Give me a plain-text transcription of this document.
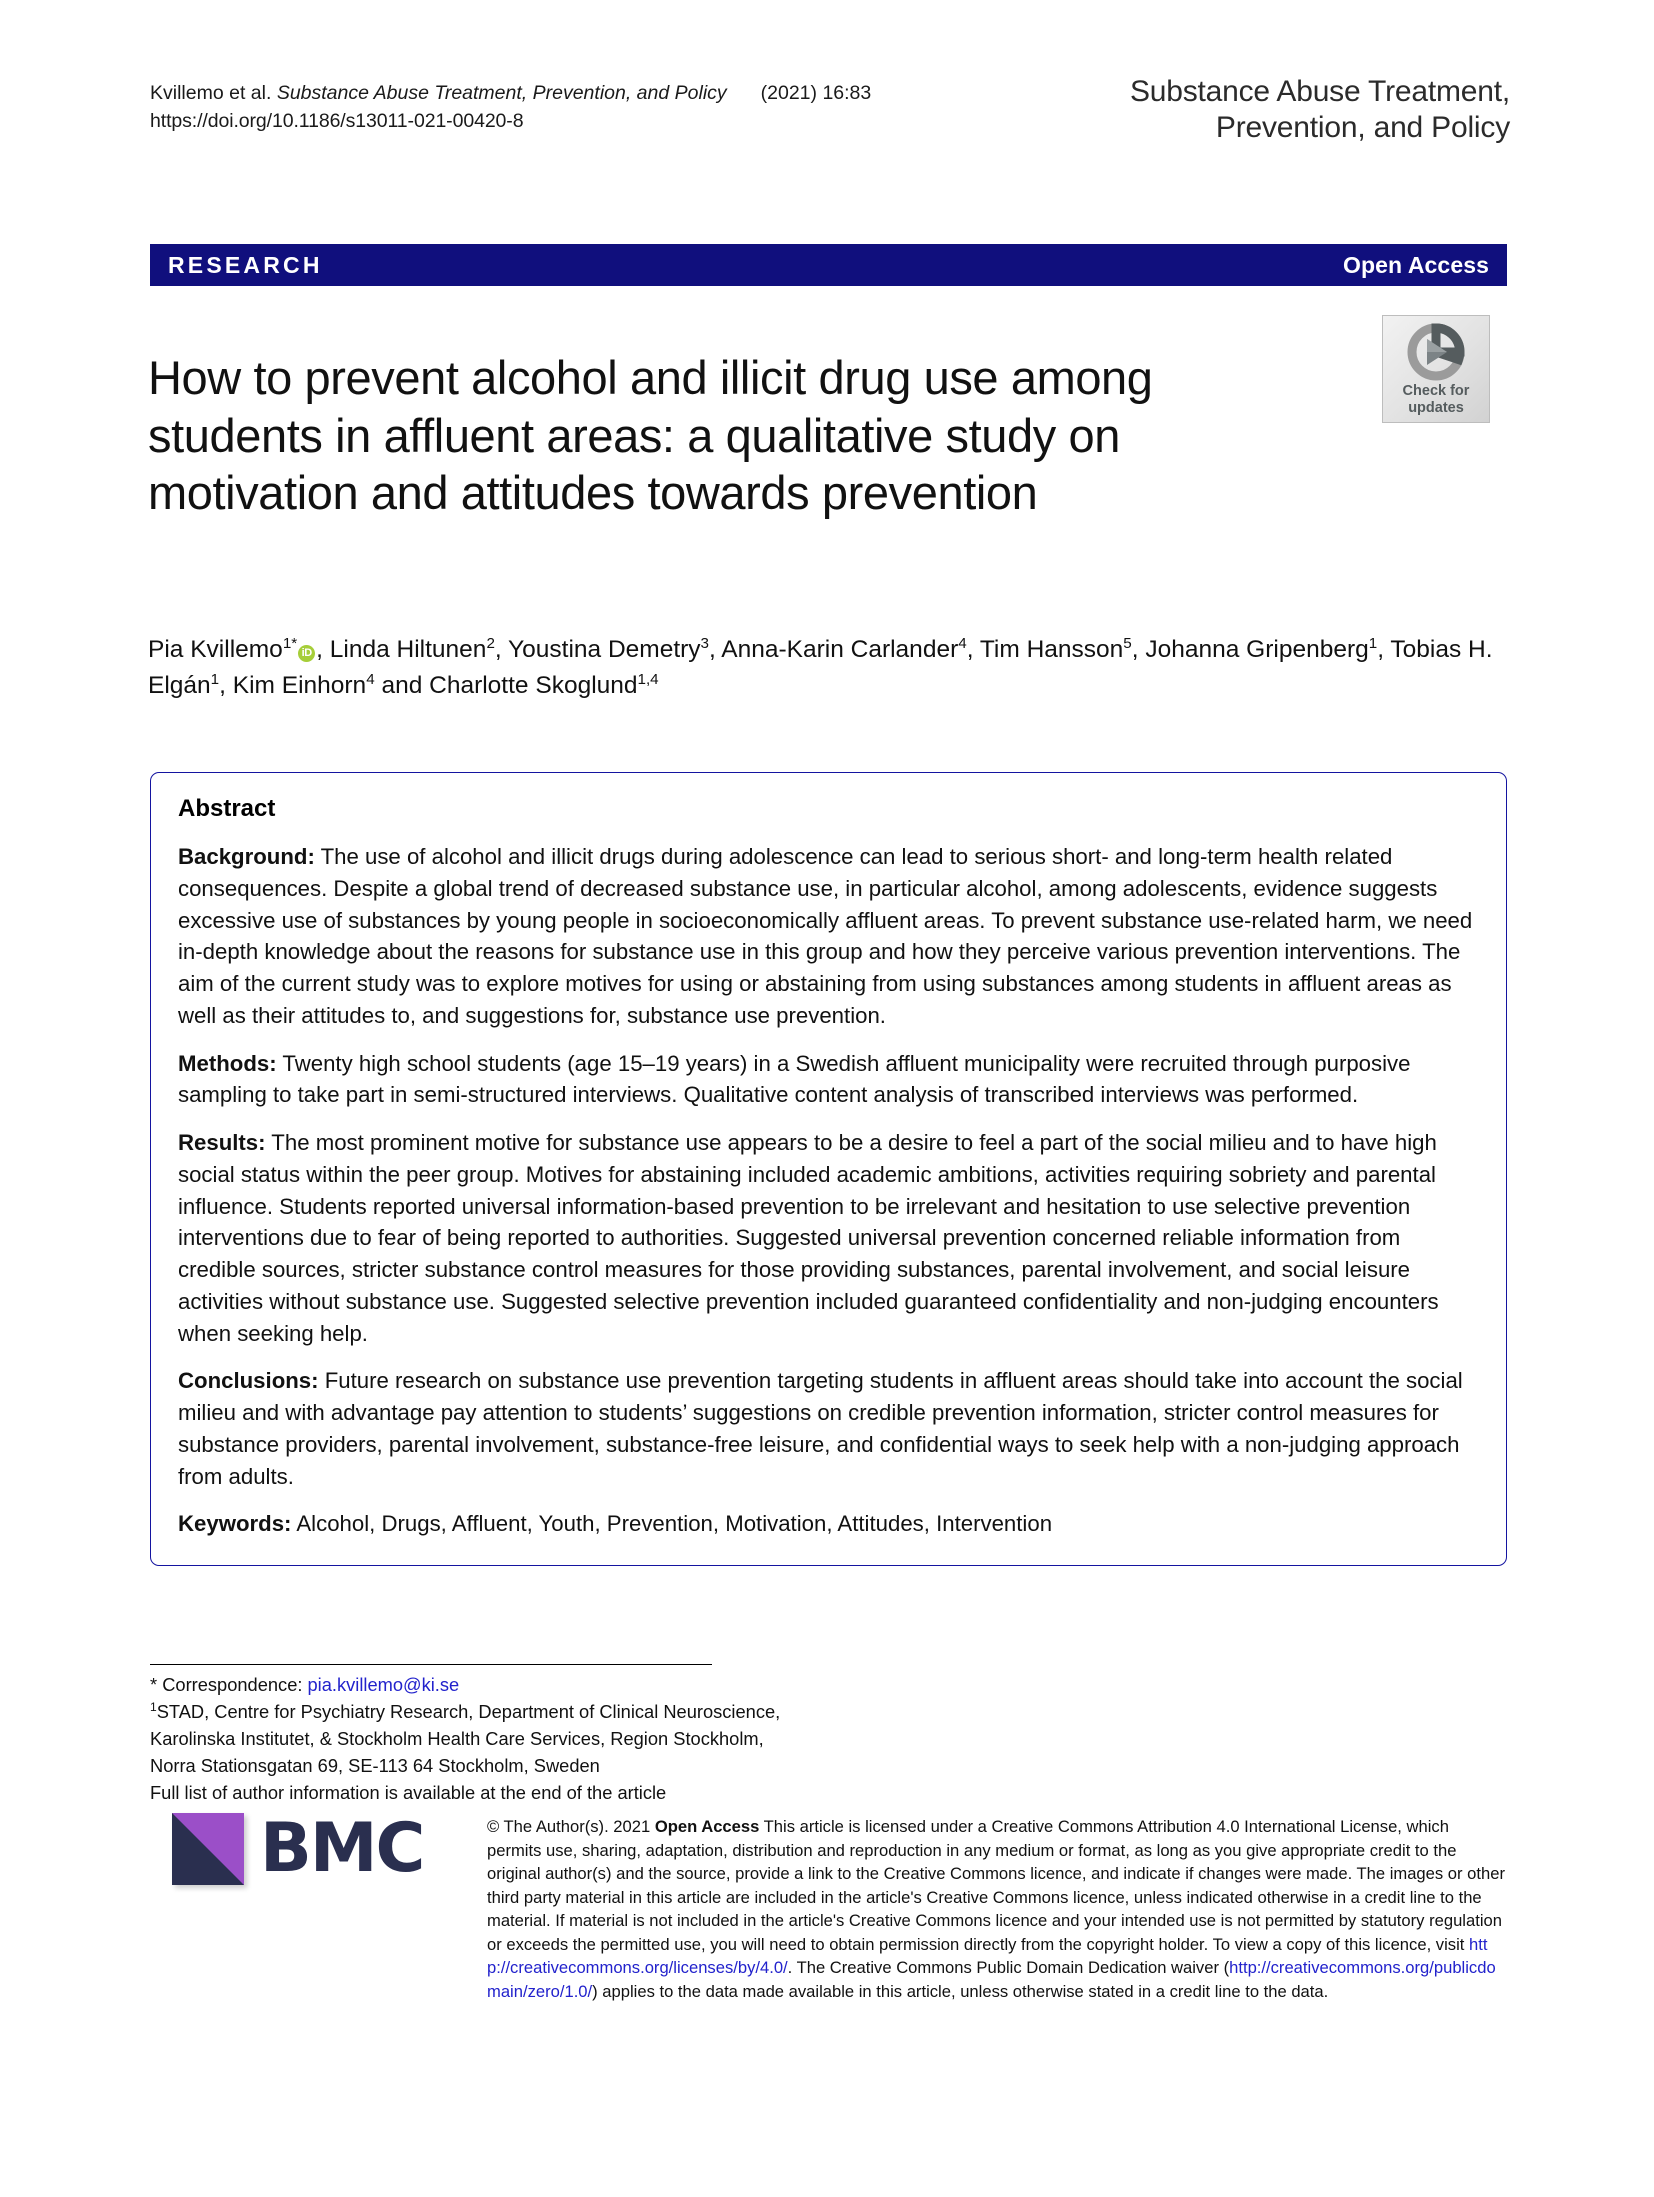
Kvillemo et al. Substance Abuse Treatment, Prevention, and Policy (2021) 16:83
https://doi.org/10.1186/s13011-021-00420-8
Substance Abuse Treatment,
Prevention, and Policy
RESEARCH	Open Access
How to prevent alcohol and illicit drug use among students in affluent areas: a qualitative study on motivation and attitudes towards prevention
Check for
updates
Pia Kvillemo$^{1*}$iD , Linda Hiltunen$^2$, Youstina Demetry$^3$, Anna-Karin Carlander$^4$, Tim Hansson$^5$, Johanna Gripenberg$^1$, Tobias H. Elgán$^1$, Kim Einhorn$^4$ and Charlotte Skoglund$^{1,4}$
Abstract

Background: The use of alcohol and illicit drugs during adolescence can lead to serious short- and long-term health related consequences. Despite a global trend of decreased substance use, in particular alcohol, among adolescents, evidence suggests excessive use of substances by young people in socioeconomically affluent areas. To prevent substance use-related harm, we need in-depth knowledge about the reasons for substance use in this group and how they perceive various prevention interventions. The aim of the current study was to explore motives for using or abstaining from using substances among students in affluent areas as well as their attitudes to, and suggestions for, substance use prevention.

Methods: Twenty high school students (age 15–19 years) in a Swedish affluent municipality were recruited through purposive sampling to take part in semi-structured interviews. Qualitative content analysis of transcribed interviews was performed.

Results: The most prominent motive for substance use appears to be a desire to feel a part of the social milieu and to have high social status within the peer group. Motives for abstaining included academic ambitions, activities requiring sobriety and parental influence. Students reported universal information-based prevention to be irrelevant and hesitation to use selective prevention interventions due to fear of being reported to authorities. Suggested universal prevention concerned reliable information from credible sources, stricter substance control measures for those providing substances, parental involvement, and social leisure activities without substance use. Suggested selective prevention included guaranteed confidentiality and non-judging encounters when seeking help.

Conclusions: Future research on substance use prevention targeting students in affluent areas should take into account the social milieu and with advantage pay attention to students’ suggestions on credible prevention information, stricter control measures for substance providers, parental involvement, substance-free leisure, and confidential ways to seek help with a non-judging approach from adults.

Keywords: Alcohol, Drugs, Affluent, Youth, Prevention, Motivation, Attitudes, Intervention

* Correspondence: pia.kvillemo@ki.se
$^1$STAD, Centre for Psychiatry Research, Department of Clinical Neuroscience,
Karolinska Institutet, & Stockholm Health Care Services, Region Stockholm,
Norra Stationsgatan 69, SE-113 64 Stockholm, Sweden
Full list of author information is available at the end of the article
BMC	© The Author(s). 2021 Open Access This article is licensed under a Creative Commons Attribution 4.0 International License, which permits use, sharing, adaptation, distribution and reproduction in any medium or format, as long as you give appropriate credit to the original author(s) and the source, provide a link to the Creative Commons licence, and indicate if changes were made. The images or other third party material in this article are included in the article's Creative Commons licence, unless indicated otherwise in a credit line to the material. If material is not included in the article's Creative Commons licence and your intended use is not permitted by statutory regulation or exceeds the permitted use, you will need to obtain permission directly from the copyright holder. To view a copy of this licence, visit http://creativecommons.org/licenses/by/4.0/. The Creative Commons Public Domain Dedication waiver (http://creativecommons.org/publicdomain/zero/1.0/) applies to the data made available in this article, unless otherwise stated in a credit line to the data.
